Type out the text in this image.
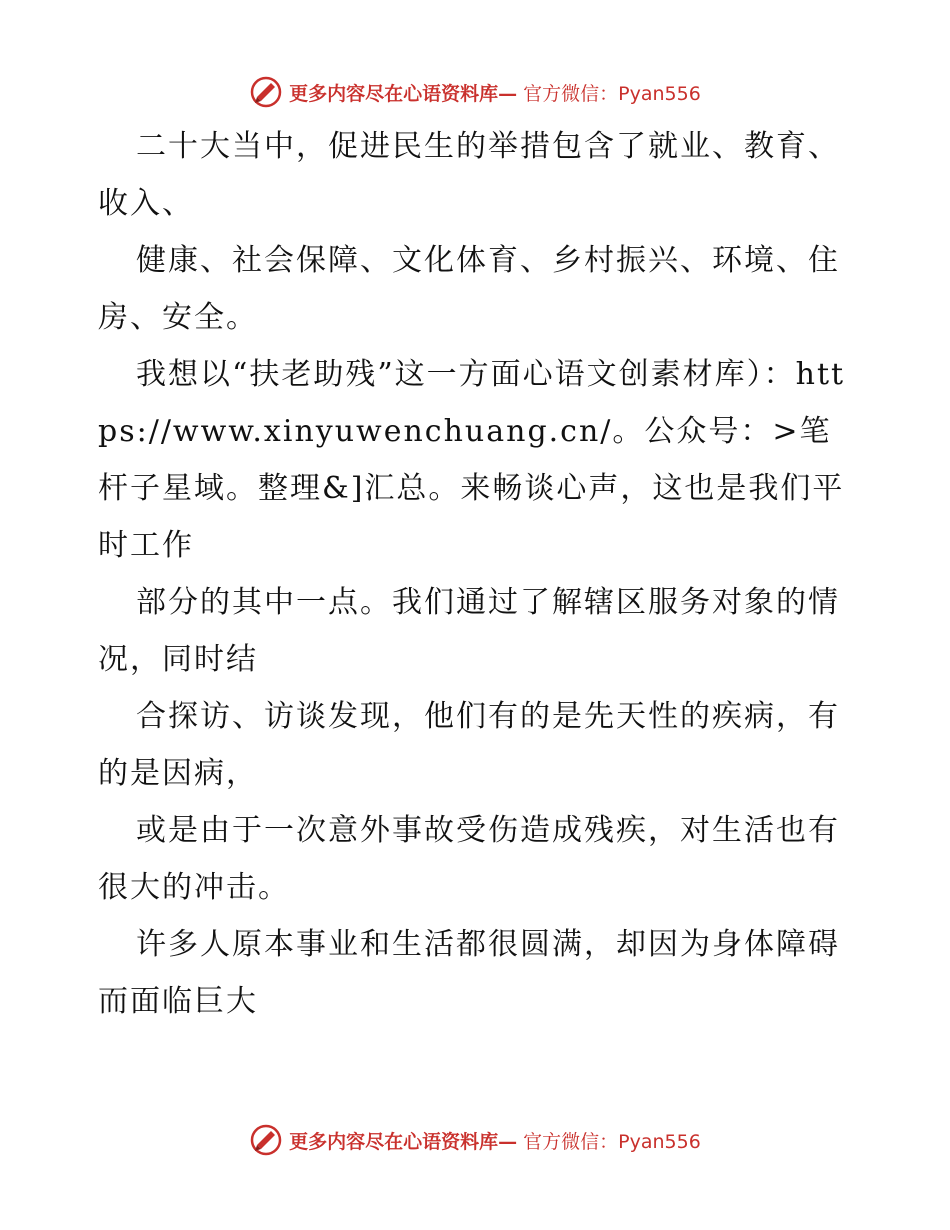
更多内容尽在心语资料库— 官方微信：Pyan556

二十大当中，促进民生的举措包含了就业、教育、收入、

健康、社会保障、文化体育、乡村振兴、环境、住房、安全。

我想以“扶老助残”这一方面心语文创素材库）：https://www.xinyuwenchuang.cn/。公众号：>笔杆子星域。整理&]汇总。来畅谈心声，这也是我们平时工作

部分的其中一点。我们通过了解辖区服务对象的情况，同时结

合探访、访谈发现，他们有的是先天性的疾病，有的是因病，

或是由于一次意外事故受伤造成残疾，对生活也有很大的冲击。

许多人原本事业和生活都很圆满，却因为身体障碍而面临巨大

更多内容尽在心语资料库— 官方微信：Pyan556
